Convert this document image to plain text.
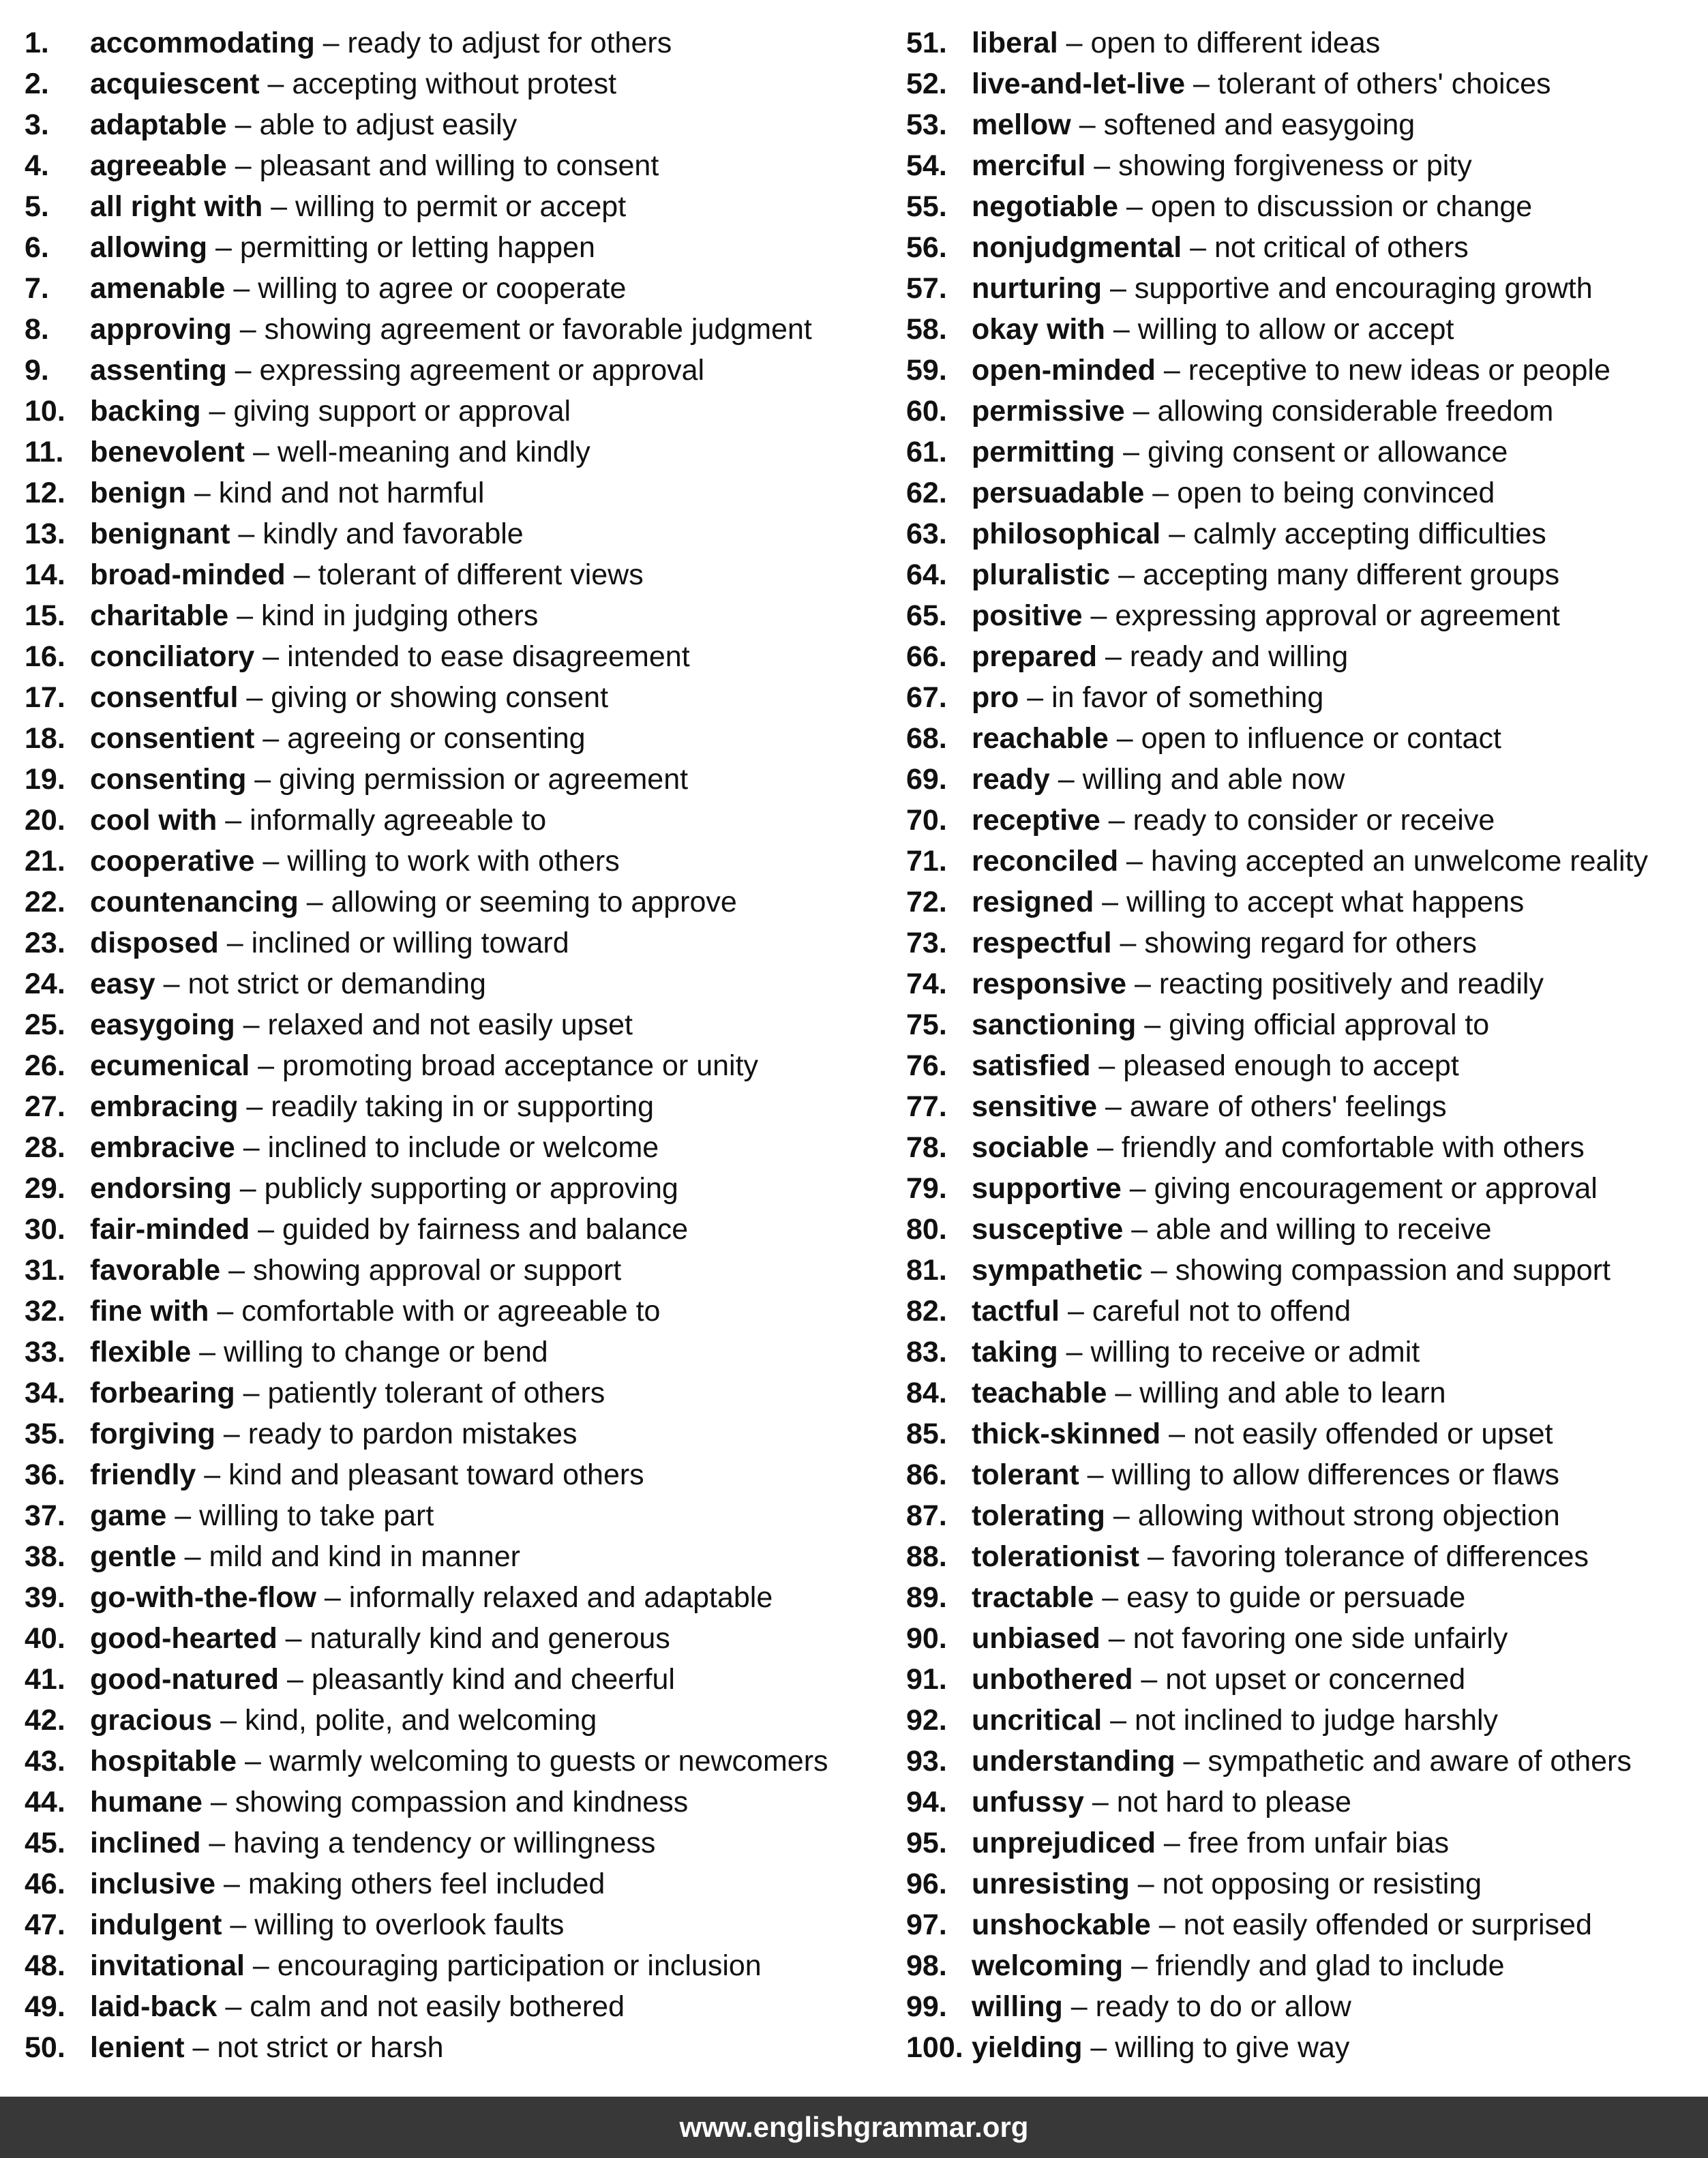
1. accommodating – ready to adjust for others
2. acquiescent – accepting without protest
3. adaptable – able to adjust easily
4. agreeable – pleasant and willing to consent
5. all right with – willing to permit or accept
6. allowing – permitting or letting happen
7. amenable – willing to agree or cooperate
8. approving – showing agreement or favorable judgment
9. assenting – expressing agreement or approval
10. backing – giving support or approval
11. benevolent – well-meaning and kindly
12. benign – kind and not harmful
13. benignant – kindly and favorable
14. broad-minded – tolerant of different views
15. charitable – kind in judging others
16. conciliatory – intended to ease disagreement
17. consentful – giving or showing consent
18. consentient – agreeing or consenting
19. consenting – giving permission or agreement
20. cool with – informally agreeable to
21. cooperative – willing to work with others
22. countenancing – allowing or seeming to approve
23. disposed – inclined or willing toward
24. easy – not strict or demanding
25. easygoing – relaxed and not easily upset
26. ecumenical – promoting broad acceptance or unity
27. embracing – readily taking in or supporting
28. embracive – inclined to include or welcome
29. endorsing – publicly supporting or approving
30. fair-minded – guided by fairness and balance
31. favorable – showing approval or support
32. fine with – comfortable with or agreeable to
33. flexible – willing to change or bend
34. forbearing – patiently tolerant of others
35. forgiving – ready to pardon mistakes
36. friendly – kind and pleasant toward others
37. game – willing to take part
38. gentle – mild and kind in manner
39. go-with-the-flow – informally relaxed and adaptable
40. good-hearted – naturally kind and generous
41. good-natured – pleasantly kind and cheerful
42. gracious – kind, polite, and welcoming
43. hospitable – warmly welcoming to guests or newcomers
44. humane – showing compassion and kindness
45. inclined – having a tendency or willingness
46. inclusive – making others feel included
47. indulgent – willing to overlook faults
48. invitational – encouraging participation or inclusion
49. laid-back – calm and not easily bothered
50. lenient – not strict or harsh
51. liberal – open to different ideas
52. live-and-let-live – tolerant of others' choices
53. mellow – softened and easygoing
54. merciful – showing forgiveness or pity
55. negotiable – open to discussion or change
56. nonjudgmental – not critical of others
57. nurturing – supportive and encouraging growth
58. okay with – willing to allow or accept
59. open-minded – receptive to new ideas or people
60. permissive – allowing considerable freedom
61. permitting – giving consent or allowance
62. persuadable – open to being convinced
63. philosophical – calmly accepting difficulties
64. pluralistic – accepting many different groups
65. positive – expressing approval or agreement
66. prepared – ready and willing
67. pro – in favor of something
68. reachable – open to influence or contact
69. ready – willing and able now
70. receptive – ready to consider or receive
71. reconciled – having accepted an unwelcome reality
72. resigned – willing to accept what happens
73. respectful – showing regard for others
74. responsive – reacting positively and readily
75. sanctioning – giving official approval to
76. satisfied – pleased enough to accept
77. sensitive – aware of others' feelings
78. sociable – friendly and comfortable with others
79. supportive – giving encouragement or approval
80. susceptive – able and willing to receive
81. sympathetic – showing compassion and support
82. tactful – careful not to offend
83. taking – willing to receive or admit
84. teachable – willing and able to learn
85. thick-skinned – not easily offended or upset
86. tolerant – willing to allow differences or flaws
87. tolerating – allowing without strong objection
88. tolerationist – favoring tolerance of differences
89. tractable – easy to guide or persuade
90. unbiased – not favoring one side unfairly
91. unbothered – not upset or concerned
92. uncritical – not inclined to judge harshly
93. understanding – sympathetic and aware of others
94. unfussy – not hard to please
95. unprejudiced – free from unfair bias
96. unresisting – not opposing or resisting
97. unshockable – not easily offended or surprised
98. welcoming – friendly and glad to include
99. willing – ready to do or allow
100. yielding – willing to give way
www.englishgrammar.org
